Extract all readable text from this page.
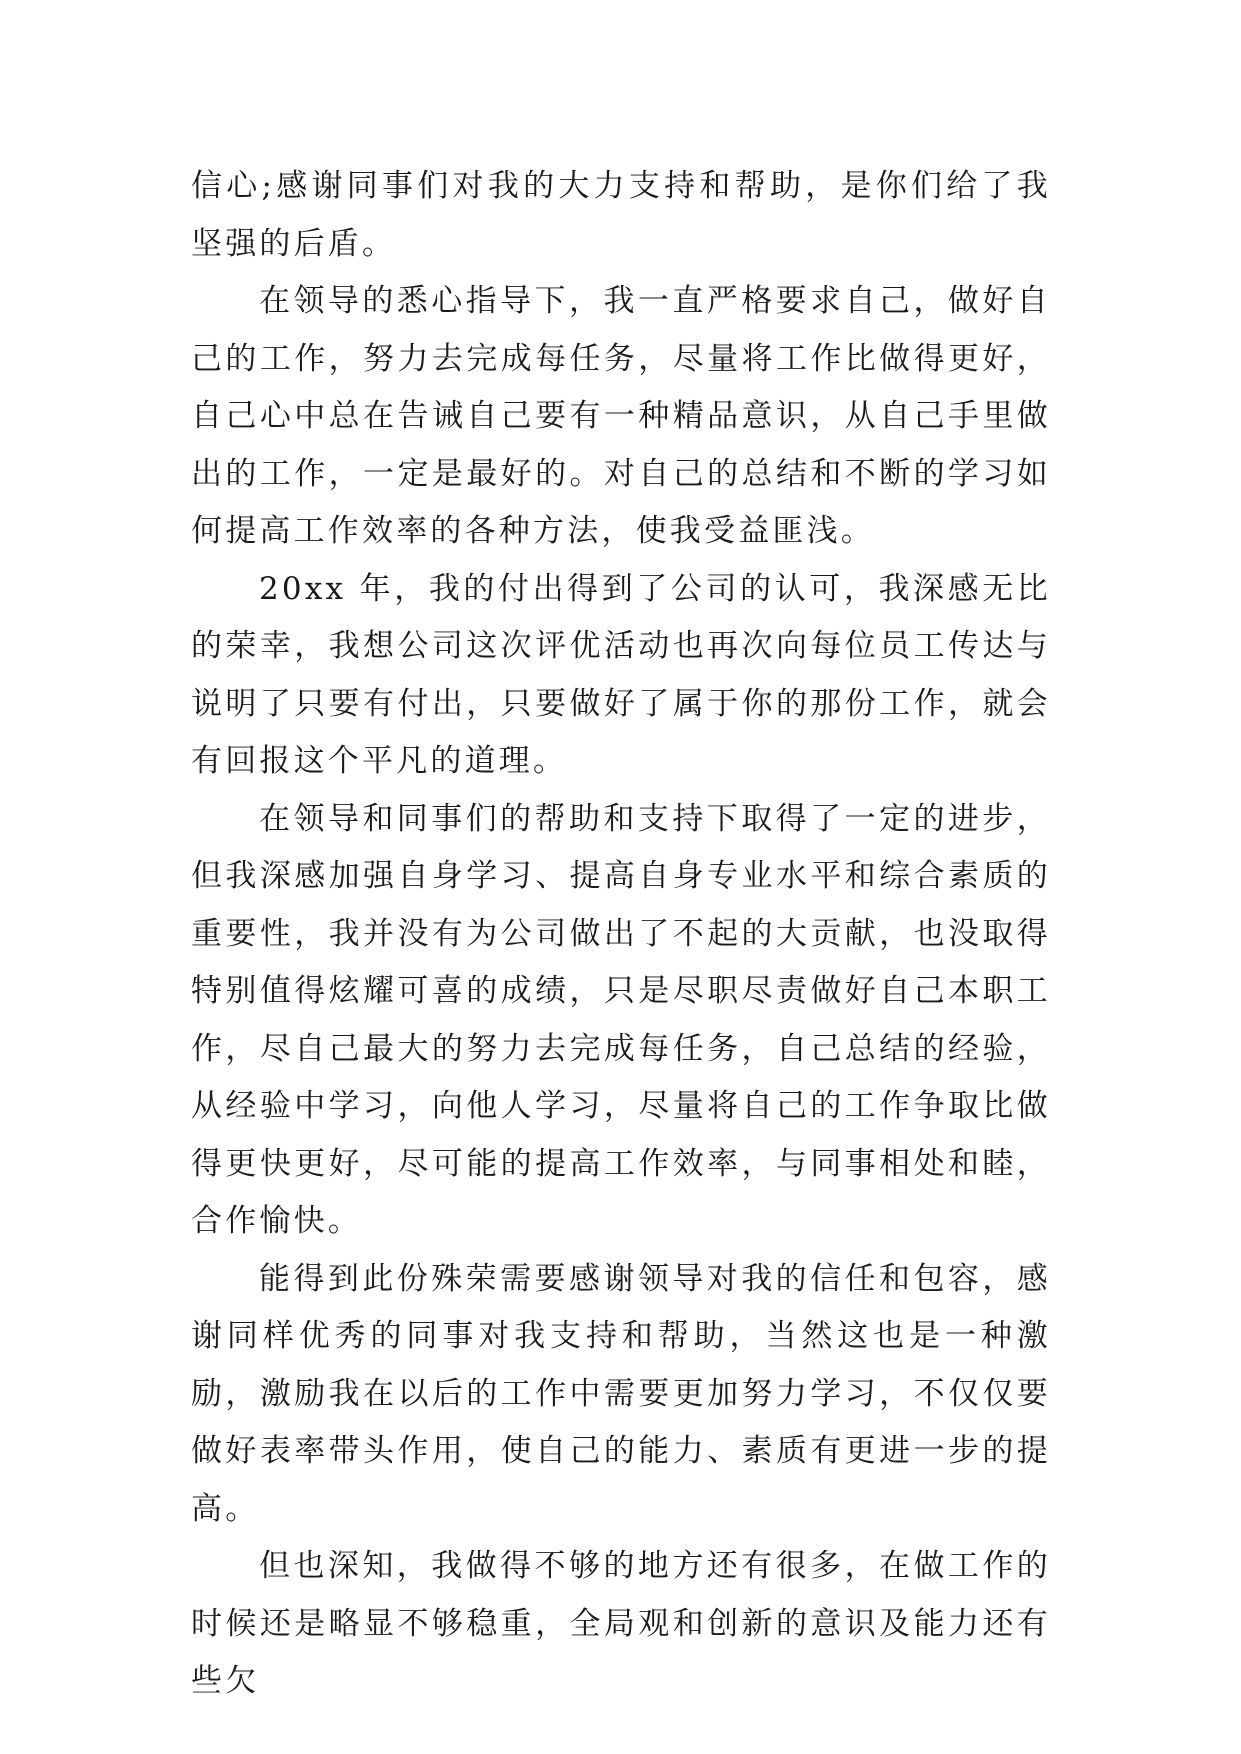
信心;感谢同事们对我的大力支持和帮助，是你们给了我坚强的后盾。

在领导的悉心指导下，我一直严格要求自己，做好自己的工作，努力去完成每任务，尽量将工作比做得更好，自己心中总在告诫自己要有一种精品意识，从自己手里做出的工作，一定是最好的。对自己的总结和不断的学习如何提高工作效率的各种方法，使我受益匪浅。

20xx 年，我的付出得到了公司的认可，我深感无比的荣幸，我想公司这次评优活动也再次向每位员工传达与说明了只要有付出，只要做好了属于你的那份工作，就会有回报这个平凡的道理。

在领导和同事们的帮助和支持下取得了一定的进步，但我深感加强自身学习、提高自身专业水平和综合素质的重要性，我并没有为公司做出了不起的大贡献，也没取得特别值得炫耀可喜的成绩，只是尽职尽责做好自己本职工作，尽自己最大的努力去完成每任务，自己总结的经验，从经验中学习，向他人学习，尽量将自己的工作争取比做得更快更好，尽可能的提高工作效率，与同事相处和睦，合作愉快。

能得到此份殊荣需要感谢领导对我的信任和包容，感谢同样优秀的同事对我支持和帮助，当然这也是一种激励，激励我在以后的工作中需要更加努力学习，不仅仅要做好表率带头作用，使自己的能力、素质有更进一步的提高。

但也深知，我做得不够的地方还有很多，在做工作的时候还是略显不够稳重，全局观和创新的意识及能力还有些欠
